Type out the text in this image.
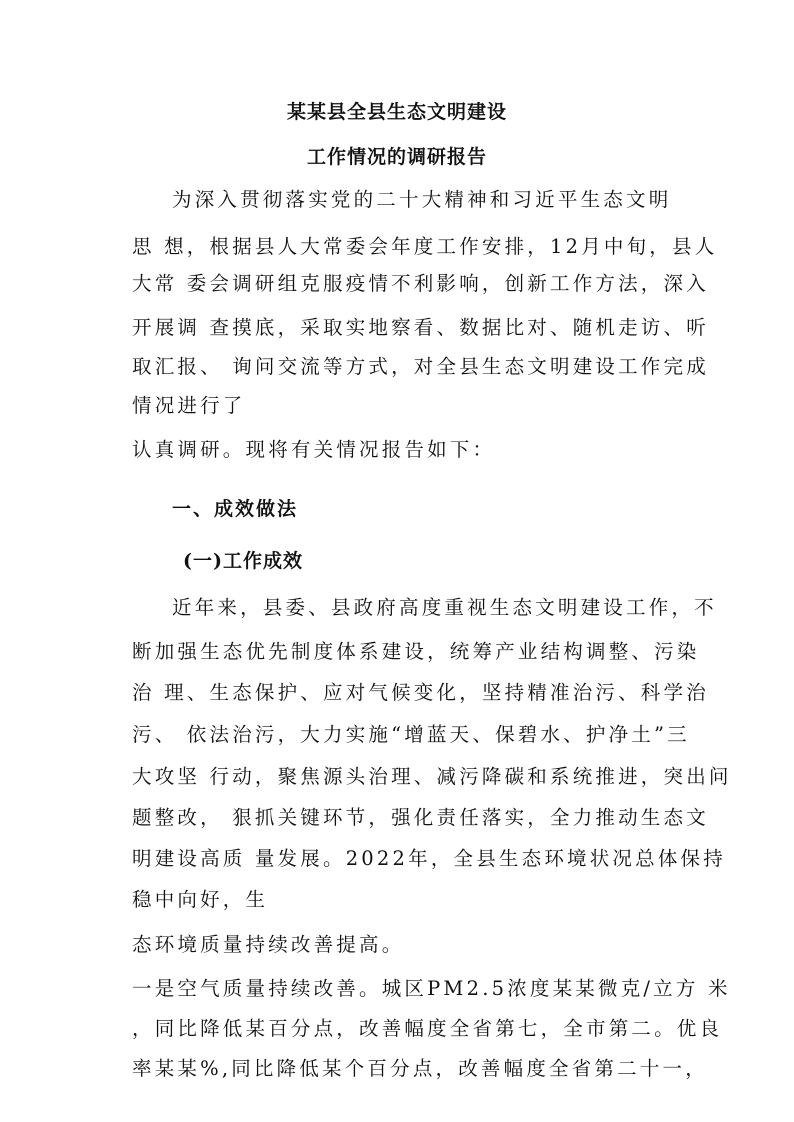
某某县全县生态文明建设
工作情况的调研报告
为深入贯彻落实党的二十大精神和习近平生态文明
思 想，根据县人大常委会年度工作安排，12月中旬，县人
大常 委会调研组克服疫情不利影响，创新工作方法，深入
开展调 查摸底，采取实地察看、数据比对、随机走访、听
取汇报、 询问交流等方式，对全县生态文明建设工作完成
情况进行了
认真调研。现将有关情况报告如下：
一、成效做法
(一)工作成效
近年来，县委、县政府高度重视生态文明建设工作，不
断加强生态优先制度体系建设，统筹产业结构调整、污染
治 理、生态保护、应对气候变化，坚持精准治污、科学治
污、 依法治污，大力实施“增蓝天、保碧水、护净土”三
大攻坚 行动，聚焦源头治理、减污降碳和系统推进，突出问
题整改， 狠抓关键环节，强化责任落实，全力推动生态文
明建设高质 量发展。2022年，全县生态环境状况总体保持
稳中向好，生
态环境质量持续改善提高。
一是空气质量持续改善。城区PM2.5浓度某某微克/立方 米
，同比降低某百分点，改善幅度全省第七，全市第二。优良
率某某%,同比降低某个百分点，改善幅度全省第二十一，
